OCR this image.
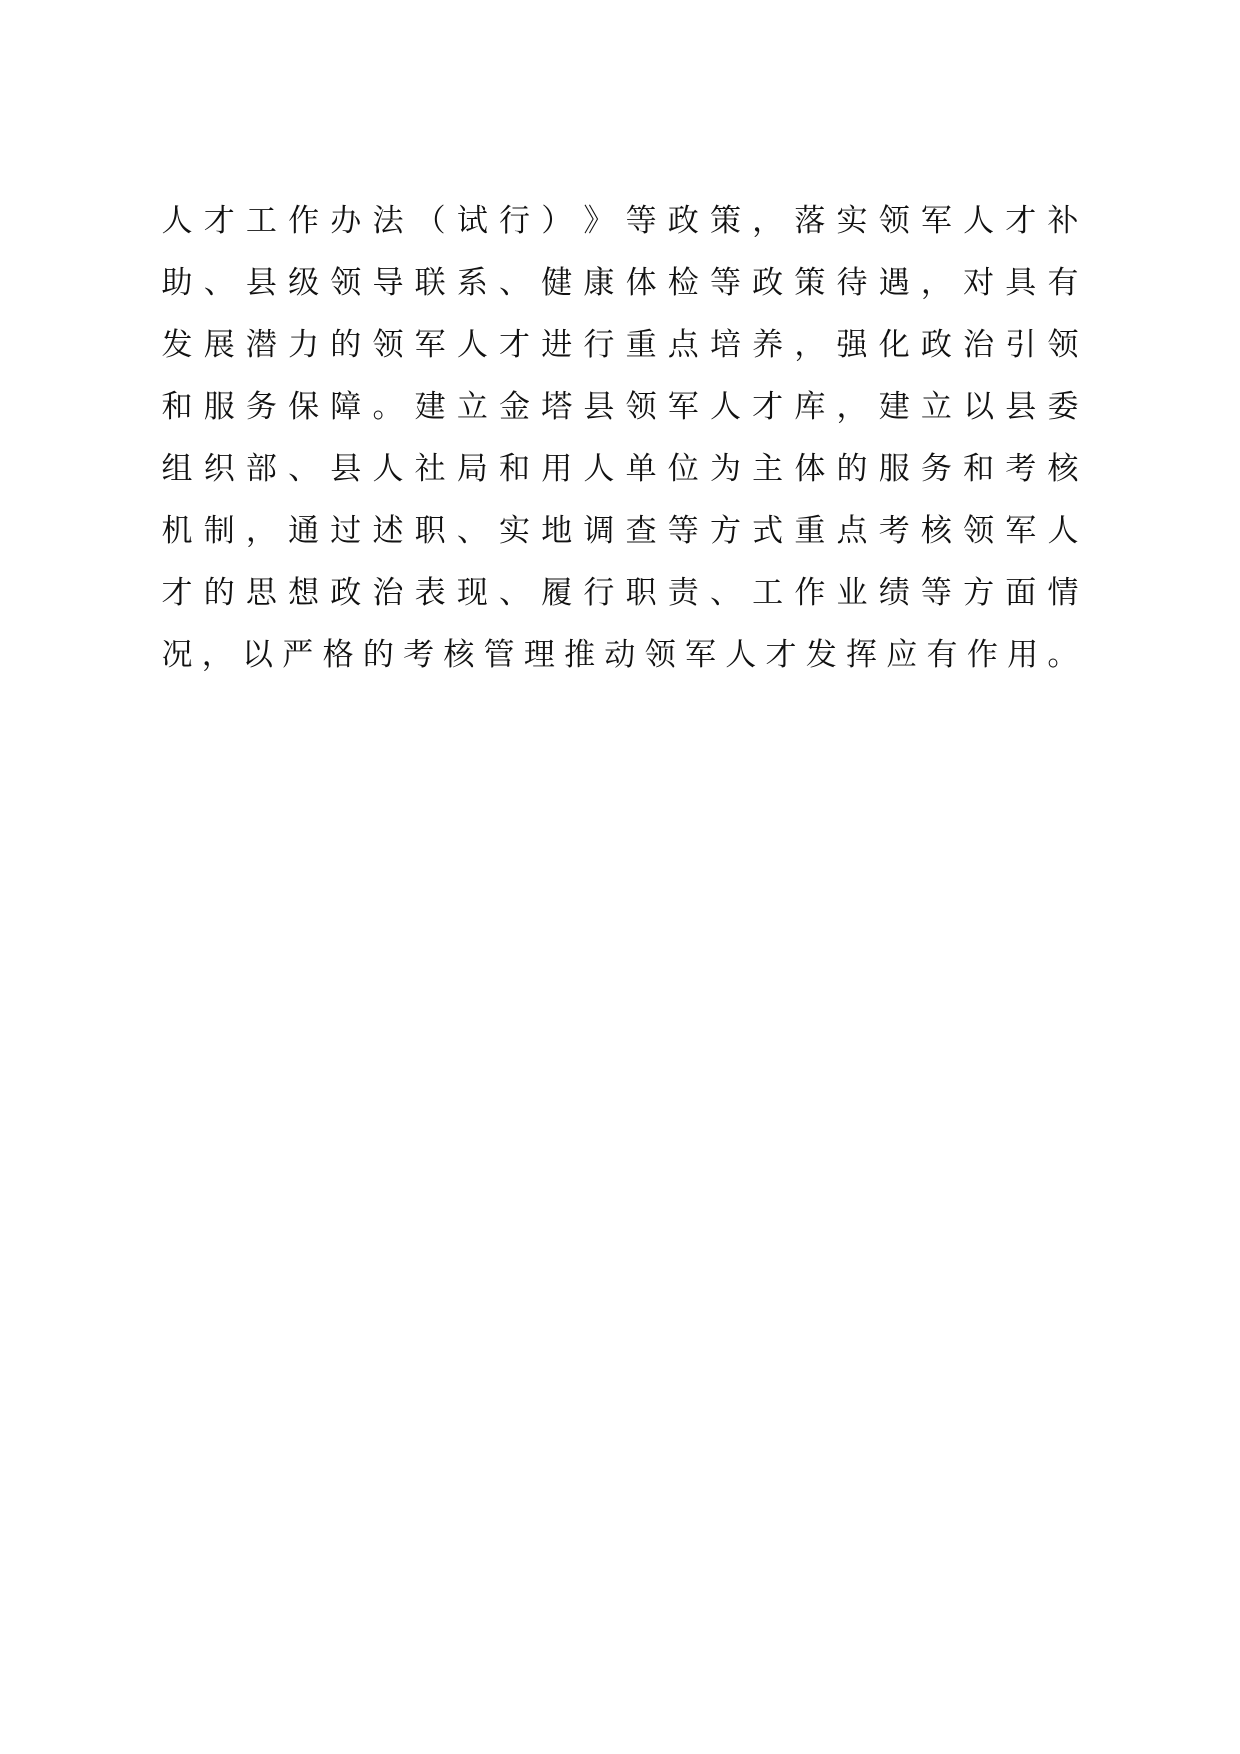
人 才 工 作 办 法 （ 试 行 ） 》 等 政 策 ， 落 实 领 军 人 才 补
助 、 县 级 领 导 联 系 、 健 康 体 检 等 政 策 待 遇 ， 对 具 有
发 展 潜 力 的 领 军 人 才 进 行 重 点 培 养 ， 强 化 政 治 引 领
和 服 务 保 障 。 建 立 金 塔 县 领 军 人 才 库 ， 建 立 以 县 委
组 织 部 、 县 人 社 局 和 用 人 单 位 为 主 体 的 服 务 和 考 核
机 制 ， 通 过 述 职 、 实 地 调 查 等 方 式 重 点 考 核 领 军 人
才 的 思 想 政 治 表 现 、 履 行 职 责 、 工 作 业 绩 等 方 面 情
况 ， 以 严 格 的 考 核 管 理 推 动 领 军 人 才 发 挥 应 有 作 用 。
